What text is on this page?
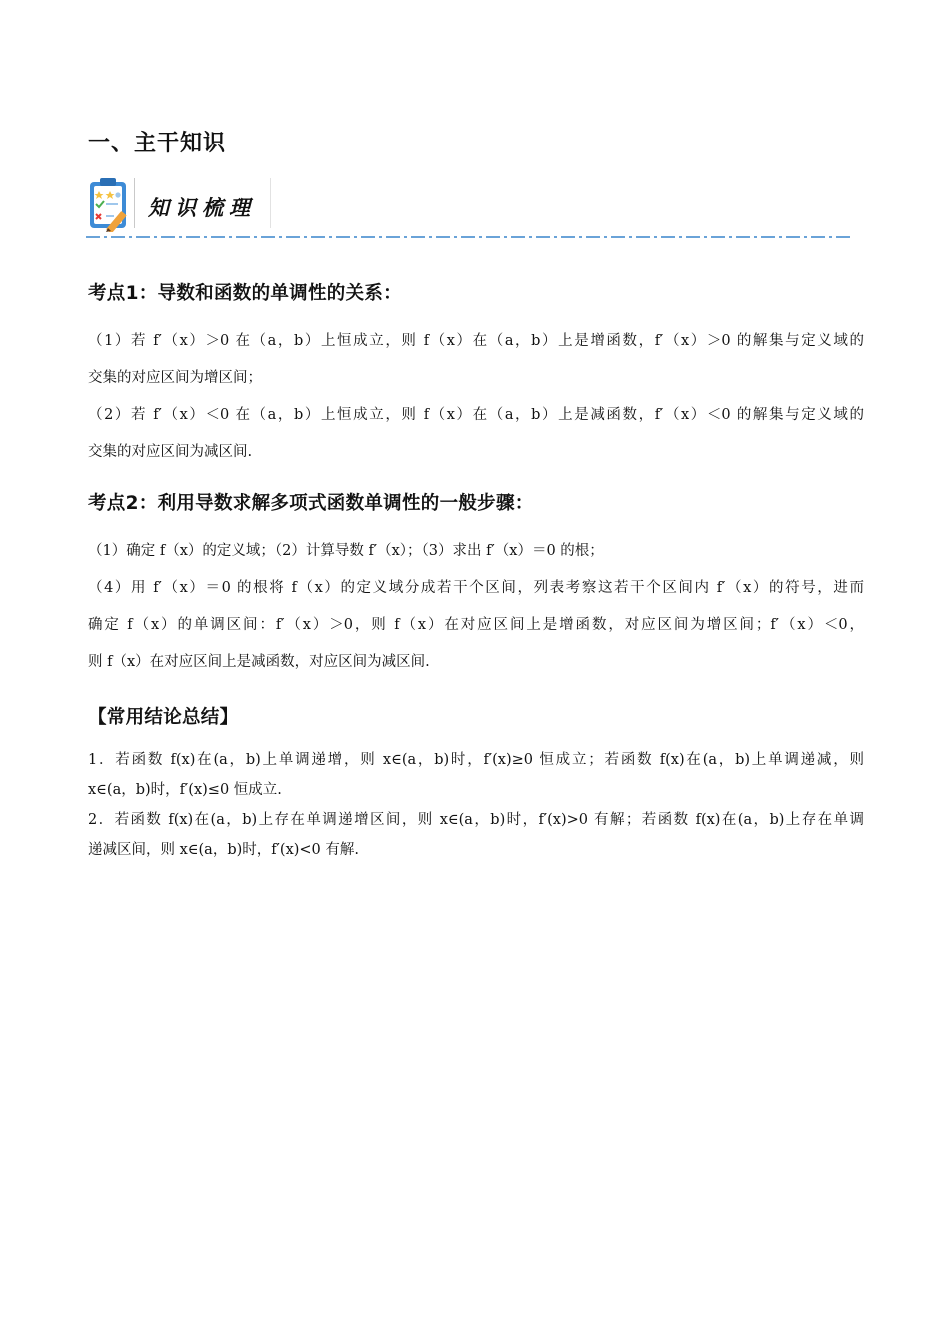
一、主干知识
知识梳理
考点1：导数和函数的单调性的关系：
（1）若 f′（x）＞0 在（a，b）上恒成立，则 f（x）在（a，b）上是增函数，f′（x）＞0 的解集与定义域的
交集的对应区间为增区间；
（2）若 f′（x）＜0 在（a，b）上恒成立，则 f（x）在（a，b）上是减函数，f′（x）＜0 的解集与定义域的
交集的对应区间为减区间.
考点2：利用导数求解多项式函数单调性的一般步骤：
（1）确定 f（x）的定义域；（2）计算导数 f′（x）；（3）求出 f′（x）＝0 的根；
（4）用 f′（x）＝0 的根将 f（x）的定义域分成若干个区间，列表考察这若干个区间内 f′（x）的符号，进而
确定 f（x）的单调区间：f′（x）＞0，则 f（x）在对应区间上是增函数，对应区间为增区间；f′（x）＜0，
则 f（x）在对应区间上是减函数，对应区间为减区间.
【常用结论总结】
1．若函数 f(x)在(a，b)上单调递增，则 x∈(a，b)时，f′(x)≥0 恒成立；若函数 f(x)在(a，b)上单调递减，则
x∈(a，b)时，f′(x)≤0 恒成立.
2．若函数 f(x)在(a，b)上存在单调递增区间，则 x∈(a，b)时，f′(x)>0 有解；若函数 f(x)在(a，b)上存在单调
递减区间，则 x∈(a，b)时，f′(x)<0 有解.
